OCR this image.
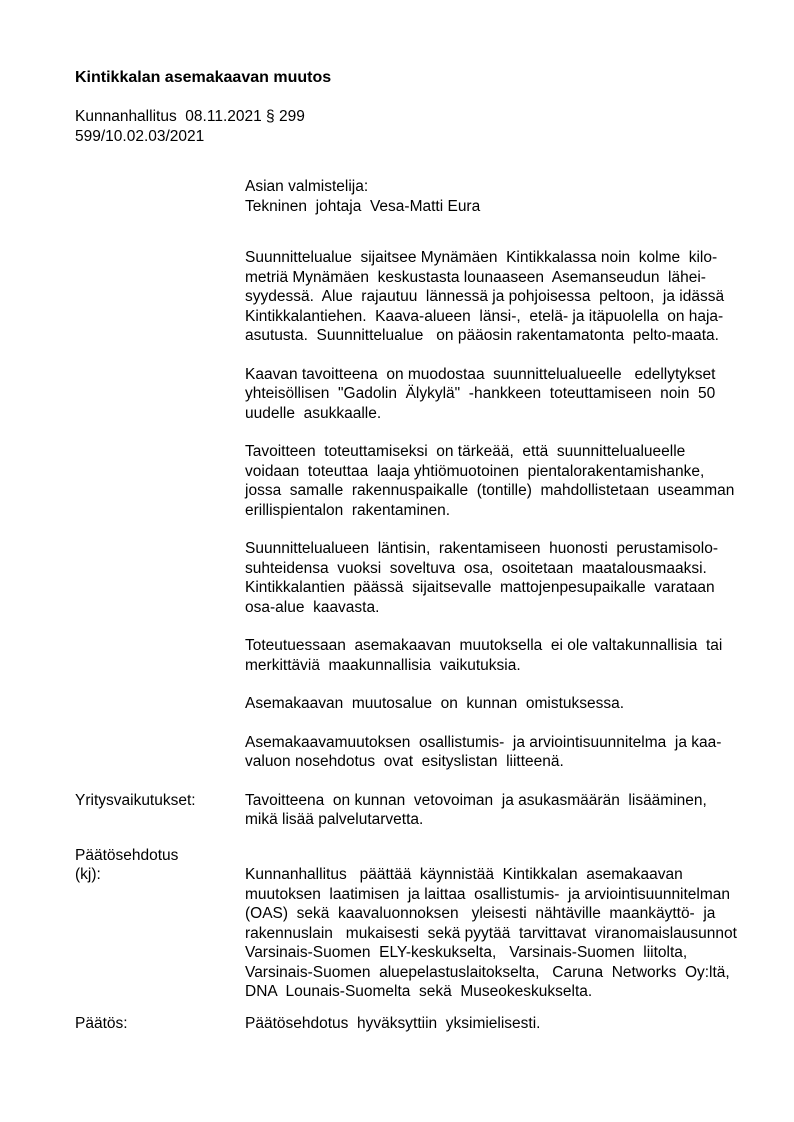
Kintikkalan asemakaavan muutos
Kunnanhallitus  08.11.2021 § 299
599/10.02.03/2021
Asian valmistelija:
Tekninen  johtaja  Vesa-Matti Eura
Suunnittelualue  sijaitsee Mynämäen  Kintikkalassa noin  kolme  kilo-
metriä Mynämäen  keskustasta lounaaseen  Asemanseudun  lähei-
syydessä.  Alue  rajautuu  lännessä ja pohjoisessa  peltoon,  ja idässä
Kintikkalantiehen.  Kaava-alueen  länsi-,  etelä- ja itäpuolella  on haja-
asutusta.  Suunnittelualue   on pääosin rakentamatonta  pelto-maata.
Kaavan tavoitteena  on muodostaa  suunnittelualueelle   edellytykset
yhteisöllisen  "Gadolin  Älykylä"  -hankkeen  toteuttamiseen  noin  50
uudelle  asukkaalle.
Tavoitteen  toteuttamiseksi  on tärkeää,  että  suunnittelualueelle
voidaan  toteuttaa  laaja yhtiömuotoinen  pientalorakentamishanke,
jossa  samalle  rakennuspaikalle  (tontille)  mahdollistetaan  useamman
erillispientalon  rakentaminen.
Suunnittelualueen  läntisin,  rakentamiseen  huonosti  perustamisolo-
suhteidensa  vuoksi  soveltuva  osa,  osoitetaan  maatalousmaaksi.
Kintikkalantien  päässä  sijaitsevalle  mattojenpesupaikalle  varataan
osa-alue  kaavasta.
Toteutuessaan  asemakaavan  muutoksella  ei ole valtakunnallisia  tai
merkittäviä  maakunnallisia  vaikutuksia.
Asemakaavan  muutosalue  on  kunnan  omistuksessa.
Asemakaavamuutoksen  osallistumis-  ja arviointisuunnitelma  ja kaa-
valuon nosehdotus  ovat  esityslistan  liitteenä.
Yritysvaikutukset:	Tavoitteena  on kunnan  vetovoiman  ja asukasmäärän  lisääminen,
mikä lisää palvelutarvetta.
Päätösehdotus
(kj):	Kunnanhallitus   päättää  käynnistää  Kintikkalan  asemakaavan
muutoksen  laatimisen  ja laittaa  osallistumis-  ja arviointisuunnitelman
(OAS)  sekä  kaavaluonnoksen   yleisesti  nähtäville  maankäyttö-  ja
rakennuslain   mukaisesti  sekä pyytää  tarvittavat  viranomaislausunnot
Varsinais-Suomen  ELY-keskukselta,   Varsinais-Suomen  liitolta,
Varsinais-Suomen  aluepelastuslaitokselta,   Caruna  Networks  Oy:ltä,
DNA  Lounais-Suomelta  sekä  Museokeskukselta.
Päätös:	Päätösehdotus  hyväksyttiin  yksimielisesti.
